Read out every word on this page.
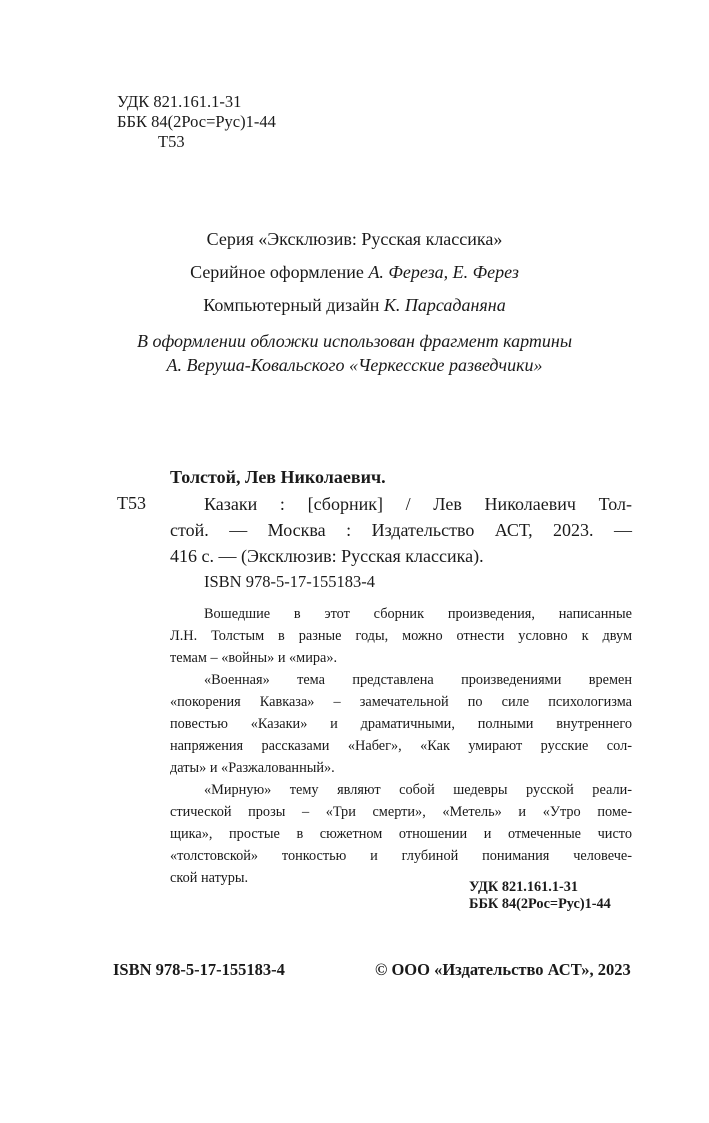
УДК 821.161.1-31
ББК 84(2Рос=Рус)1-44
Т53
Серия «Эксклюзив: Русская классика»
Серийное оформление А. Фереза, Е. Ферез
Компьютерный дизайн К. Парсаданяна
В оформлении обложки использован фрагмент картины
А. Веруша-Ковальского «Черкесские разведчики»
Толстой, Лев Николаевич.
Т53	Казаки : [сборник] / Лев Николаевич Тол-
стой. — Москва : Издательство АСТ, 2023. —
416 с. — (Эксклюзив: Русская классика).
ISBN 978-5-17-155183-4
Вошедшие в этот сборник произведения, написанные
Л.Н. Толстым в разные годы, можно отнести условно к двум
темам – «войны» и «мира».
«Военная» тема представлена произведениями времен
«покорения Кавказа» – замечательной по силе психологизма
повестью «Казаки» и драматичными, полными внутреннего
напряжения рассказами «Набег», «Как умирают русские сол-
даты» и «Разжалованный».
«Мирную» тему являют собой шедевры русской реали-
стической прозы – «Три смерти», «Метель» и «Утро поме-
щика», простые в сюжетном отношении и отмеченные чисто
«толстовской» тонкостью и глубиной понимания человече-
ской натуры.
УДК 821.161.1-31
ББК 84(2Рос=Рус)1-44
ISBN 978-5-17-155183-4	© ООО «Издательство АСТ», 2023
